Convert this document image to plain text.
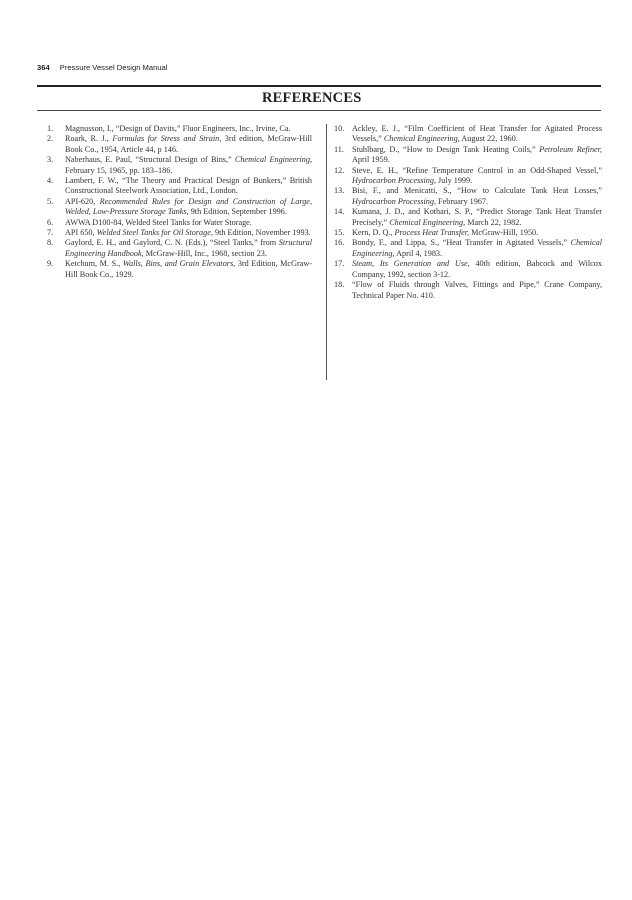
364 Pressure Vessel Design Manual
REFERENCES
1. Magnusson, I., “Design of Davits,” Fluor Engineers, Inc., Irvine, Ca.
2. Roark, R. J., Formulas for Stress and Strain, 3rd edition, McGraw-Hill Book Co., 1954, Article 44, p 146.
3. Naberhaus, E. Paul, “Structural Design of Bins,” Chemical Engineering, February 15, 1965, pp. 183–186.
4. Lambert, F. W., “The Theory and Practical Design of Bunkers,” British Constructional Steelwork Association, Ltd., London.
5. API-620, Recommended Rules for Design and Construction of Large, Welded, Low-Pressure Storage Tanks, 9th Edition, September 1996.
6. AWWA D100-84, Welded Steel Tanks for Water Storage.
7. API 650, Welded Steel Tanks for Oil Storage, 9th Edition, November 1993.
8. Gaylord, E. H., and Gaylord, C. N. (Eds.), “Steel Tanks,” from Structural Engineering Handbook, McGraw-Hill, Inc., 1968, section 23.
9. Ketchum, M. S., Walls, Bins, and Grain Elevators, 3rd Edition, McGraw-Hill Book Co., 1929.
10. Ackley, E. J., “Film Coefficient of Heat Transfer for Agitated Process Vessels,” Chemical Engineering, August 22, 1960.
11. Stuhlbarg, D., “How to Design Tank Heating Coils,” Petroleum Refiner, April 1959.
12. Steve, E. H., “Refine Temperature Control in an Odd-Shaped Vessel,” Hydrocarbon Processing, July 1999.
13. Bisi, F., and Menicatti, S., “How to Calculate Tank Heat Losses,” Hydrocarbon Processing, February 1967.
14. Kumana, J. D., and Kothari, S. P., “Predict Storage Tank Heat Transfer Precisely,” Chemical Engineering, March 22, 1982.
15. Kern, D. Q., Process Heat Transfer, McGraw-Hill, 1950.
16. Bondy, F., and Lippa, S., “Heat Transfer in Agitated Vessels,” Chemical Engineering, April 4, 1983.
17. Steam, Its Generation and Use, 40th edition, Babcock and Wilcox Company, 1992, section 3-12.
18. “Flow of Fluids through Valves, Fittings and Pipe,” Crane Company, Technical Paper No. 410.
